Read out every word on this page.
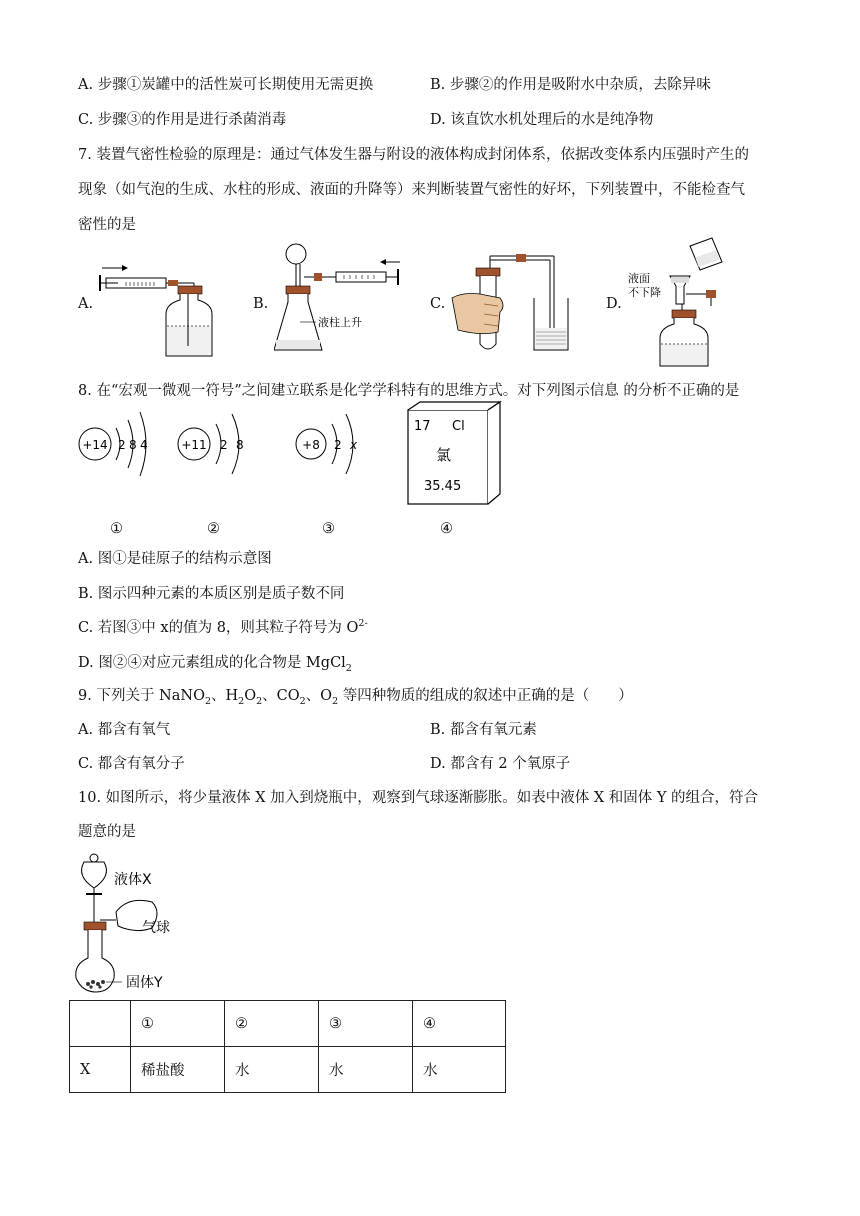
A. 步骤①炭罐中的活性炭可长期使用无需更换	B. 步骤②的作用是吸附水中杂质，去除异味
C. 步骤③的作用是进行杀菌消毒	D. 该直饮水机处理后的水是纯净物
7. 装置气密性检验的原理是：通过气体发生器与附设的液体构成封闭体系，依据改变体系内压强时产生的
现象（如气泡的生成、水柱的形成、液面的升降等）来判断装置气密性的好坏，下列装置中，不能检查气
密性的是
A.	B.	C.	D.
液柱上升
液面
不下降
8. 在“宏观一微观一符号”之间建立联系是化学学科特有的思维方式。对下列图示信息 的分析不正确的是
+14 2 8 4	+11 2 8	+8 2 x
17 Cl
氯
35.45
①	②	③	④
A. 图①是硅原子的结构示意图
B. 图示四种元素的本质区别是质子数不同
C. 若图③中 x的值为 8，则其粒子符号为 $O^{2-}$
D. 图②④对应元素组成的化合物是 MgCl$_2$
9. 下列关于 NaNO$_2$、$H_2O_2$、$CO_2$、$O_2$ 等四种物质的组成的叙述中正确的是（　　）
A. 都含有氧气	B. 都含有氧元素
C. 都含有氧分子	D. 都含有 2 个氧原子
10. 如图所示，将少量液体 X 加入到烧瓶中，观察到气球逐渐膨胀。如表中液体 X 和固体 Y 的组合，符合
题意的是
液体X
气球
固体Y
	①	②	③	④
X	稀盐酸	水	水	水
